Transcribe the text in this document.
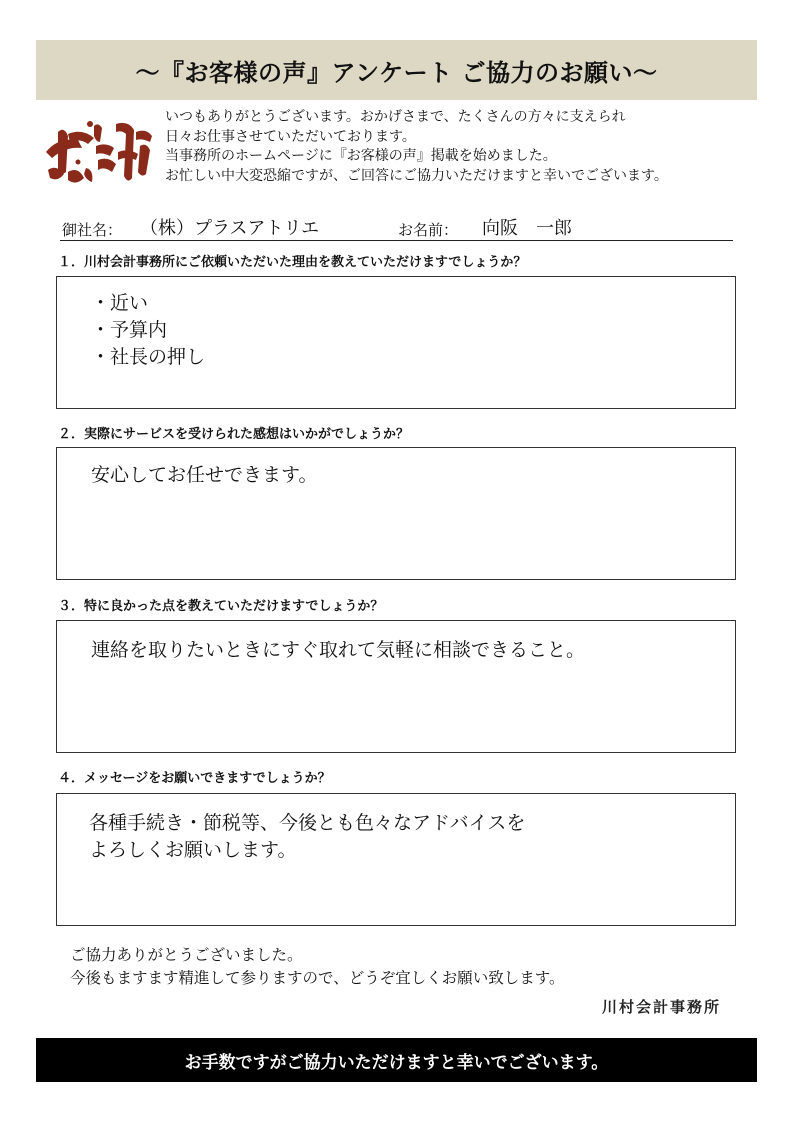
～『お客様の声』アンケート ご協力のお願い～
いつもありがとうございます。おかげさまで、たくさんの方々に支えられ
日々お仕事させていただいております。
当事務所のホームページに『お客様の声』掲載を始めました。
お忙しい中大変恐縮ですが、ご回答にご協力いただけますと幸いでございます。
御社名： （株）プラスアトリエ	お名前： 向阪　一郎
１．川村会計事務所にご依頼いただいた理由を教えていただけますでしょうか？
・近い
・予算内
・社長の押し
２．実際にサービスを受けられた感想はいかがでしょうか？
安心してお任せできます。
３．特に良かった点を教えていただけますでしょうか？
連絡を取りたいときにすぐ取れて気軽に相談できること。
４．メッセージをお願いできますでしょうか？
各種手続き・節税等、今後とも色々なアドバイスを
よろしくお願いします。
ご協力ありがとうございました。
今後もますます精進して参りますので、どうぞ宜しくお願い致します。
川村会計事務所
お手数ですがご協力いただけますと幸いでございます。
